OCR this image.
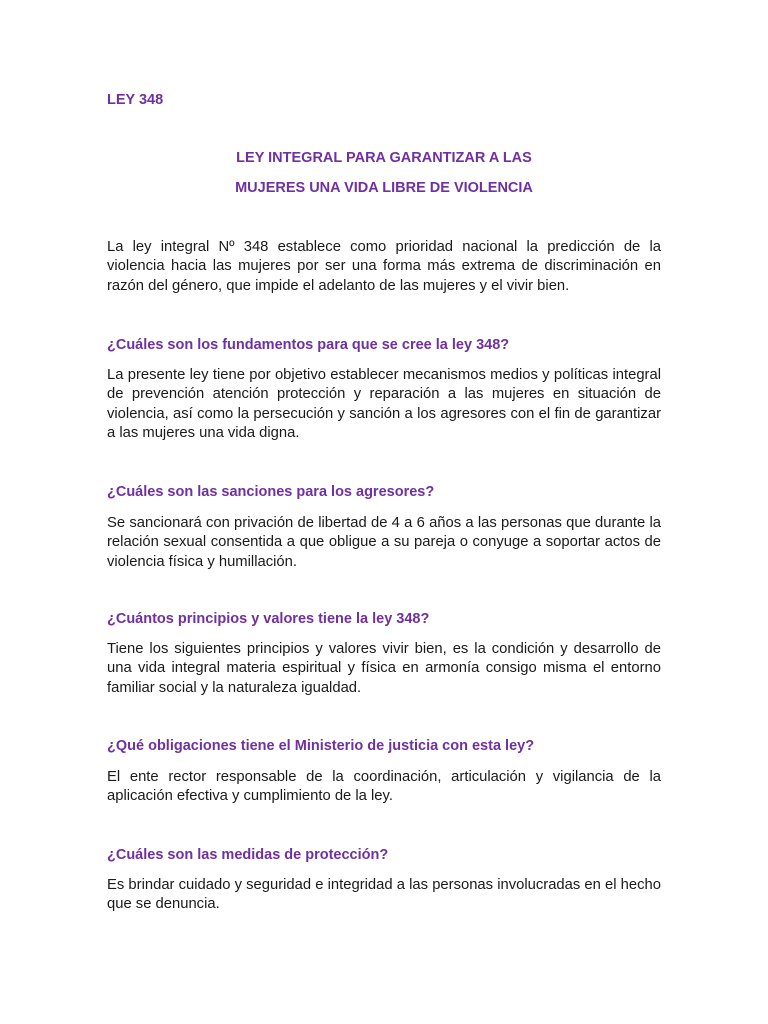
LEY 348

LEY INTEGRAL PARA GARANTIZAR A LAS

MUJERES UNA VIDA LIBRE DE VIOLENCIA

La ley integral Nº 348 establece como prioridad nacional la predicción de la violencia hacia las mujeres por ser una forma más extrema de discriminación en razón del género, que impide el adelanto de las mujeres y el vivir bien.

¿Cuáles son los fundamentos para que se cree la ley 348?

La presente ley tiene por objetivo establecer mecanismos medios y políticas integral de prevención atención protección y reparación a las mujeres en situación de violencia, así como la persecución y sanción a los agresores con el fin de garantizar a las mujeres una vida digna.

¿Cuáles son las sanciones para los agresores?

Se sancionará con privación de libertad de 4 a 6 años a las personas que durante la relación sexual consentida a que obligue a su pareja o conyuge a soportar actos de violencia física y humillación.

¿Cuántos principios y valores tiene la ley 348?

Tiene los siguientes principios y valores vivir bien, es la condición y desarrollo de una vida integral materia espiritual y física en armonía consigo misma el entorno familiar social y la naturaleza igualdad.

¿Qué obligaciones tiene el Ministerio de justicia con esta ley?

El ente rector responsable de la coordinación, articulación y vigilancia de la aplicación efectiva y cumplimiento de la ley.

¿Cuáles son las medidas de protección?

Es brindar cuidado y seguridad e integridad a las personas involucradas en el hecho que se denuncia.
